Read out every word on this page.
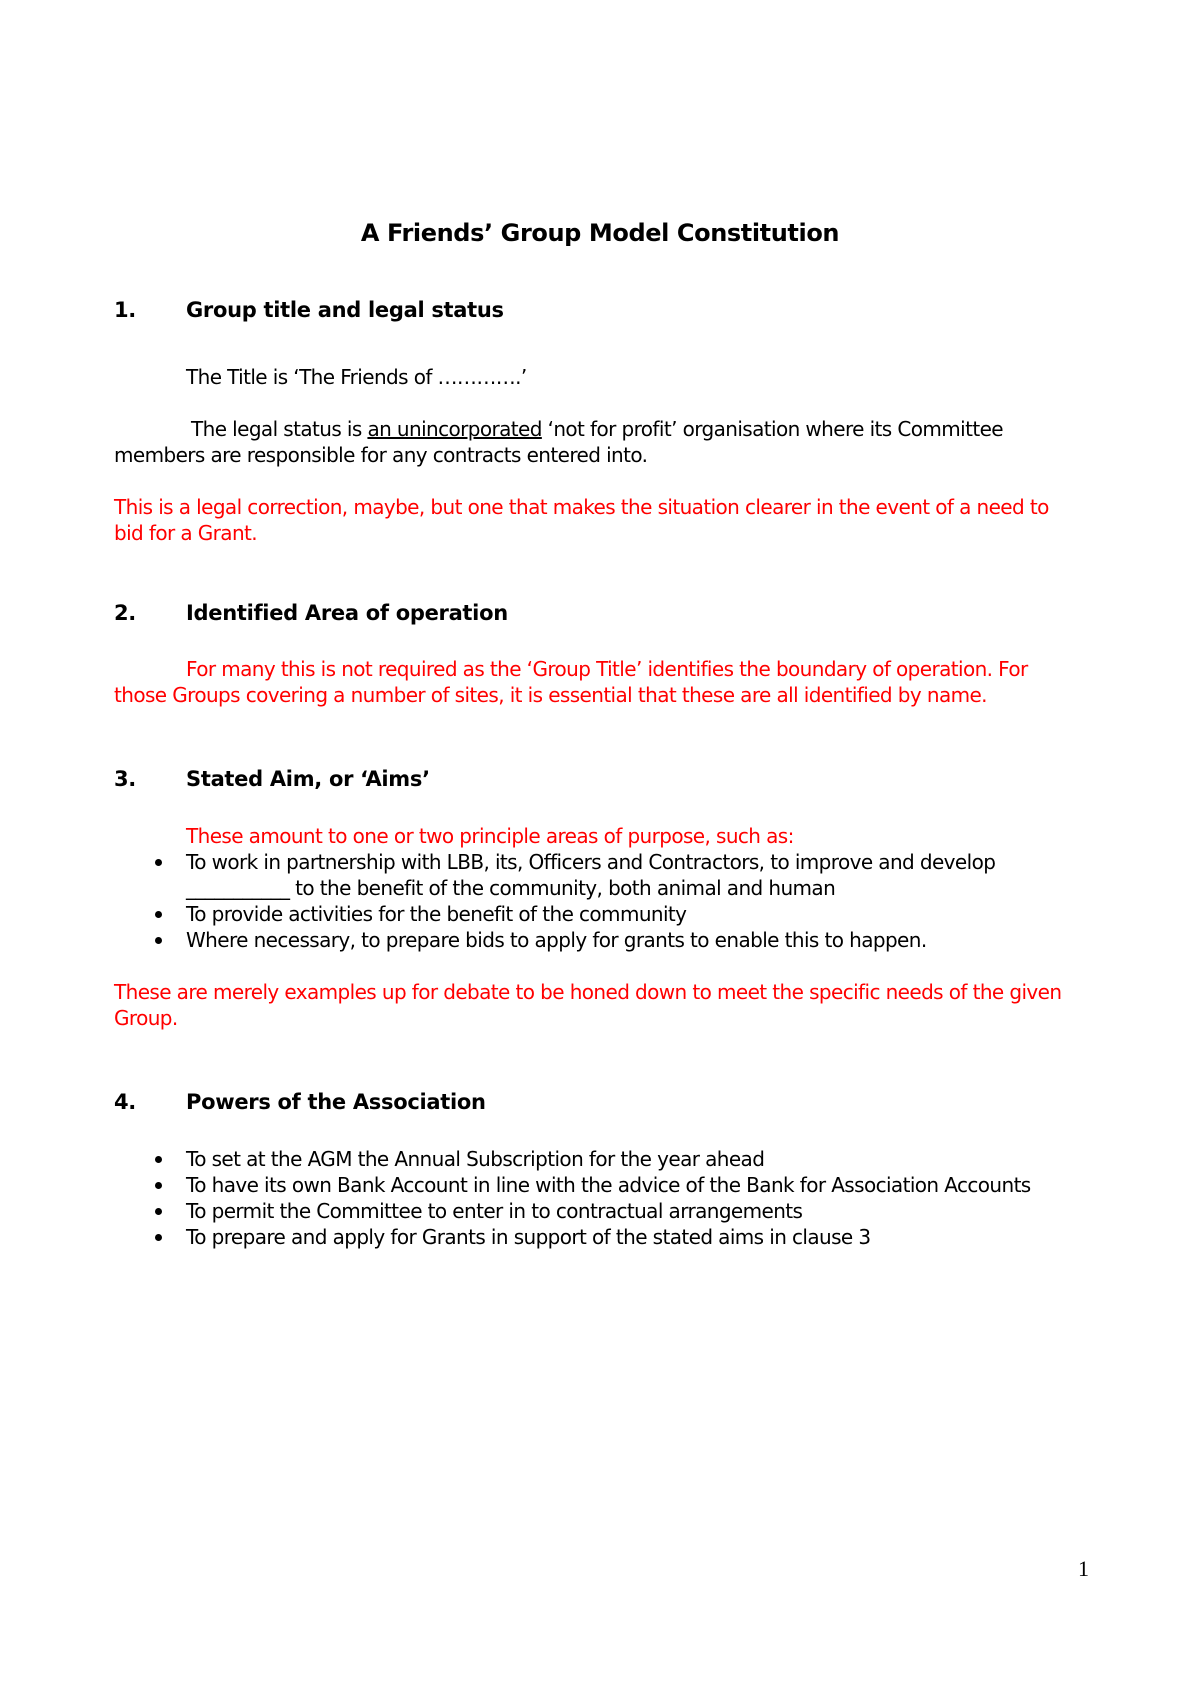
A Friends’ Group Model Constitution
1. Group title and legal status

The Title is ‘The Friends of ………….’

The legal status is an unincorporated ‘not for profit’ organisation where its Committee
members are responsible for any contracts entered into.
This is a legal correction, maybe, but one that makes the situation clearer in the event of a need to
bid for a Grant.
2. Identified Area of operation
For many this is not required as the ‘Group Title’ identifies the boundary of operation. For
those Groups covering a number of sites, it is essential that these are all identified by name.
3. Stated Aim, or ‘Aims’

These amount to one or two principle areas of purpose, such as:

To work in partnership with LBB, its, Officers and Contractors, to improve and develop
___________ to the benefit of the community, both animal and human
To provide activities for the benefit of the community
Where necessary, to prepare bids to apply for grants to enable this to happen.
These are merely examples up for debate to be honed down to meet the specific needs of the given
Group.
4. Powers of the Association
To set at the AGM the Annual Subscription for the year ahead
To have its own Bank Account in line with the advice of the Bank for Association Accounts
To permit the Committee to enter in to contractual arrangements
To prepare and apply for Grants in support of the stated aims in clause 3
1
